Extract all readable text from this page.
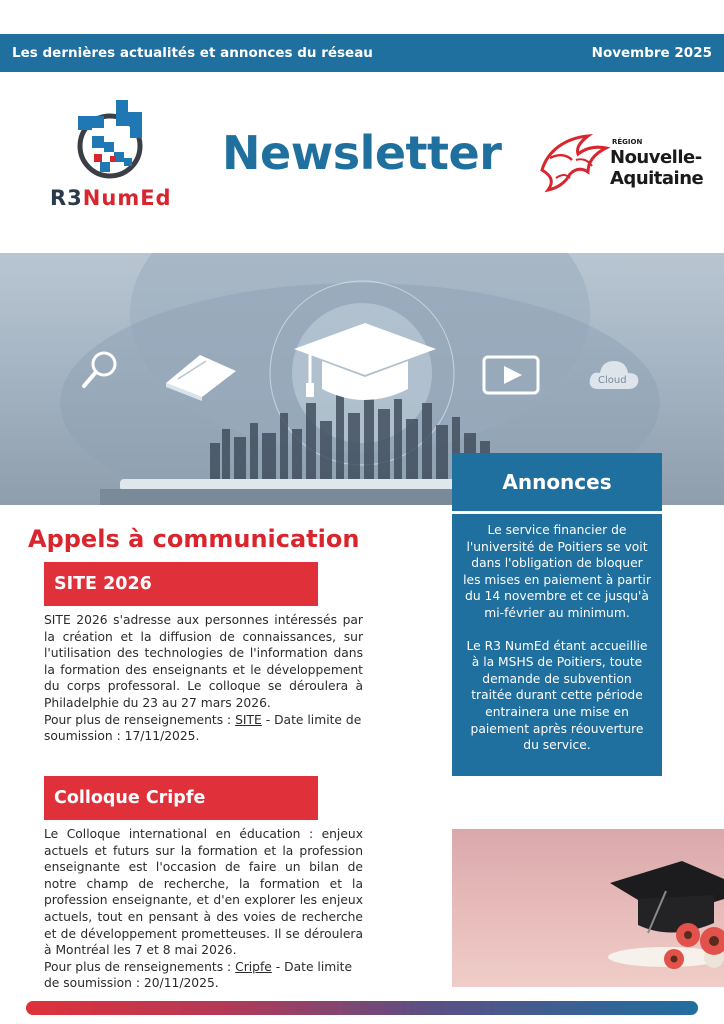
Les dernières actualités et annonces du réseau	Novembre 2025
R3NumEd
Newsletter	RÉGION
Nouvelle-
Aquitaine
Cloud
Annonces

Le service financier de l'université de Poitiers se voit dans l'obligation de bloquer les mises en paiement à partir du 14 novembre et ce jusqu'à mi-février au minimum.

Le R3 NumEd étant accueillie à la MSHS de Poitiers, toute demande de subvention traitée durant cette période entrainera une mise en paiement après réouverture du service.

Appels à communication
SITE 2026
SITE 2026 s'adresse aux personnes intéressés par la création et la diffusion de connaissances, sur l'utilisation des technologies de l'information dans la formation des enseignants et le développement du corps professoral. Le colloque se déroulera à Philadelphie du 23 au 27 mars 2026.
Pour plus de renseignements : SITE - Date limite de soumission : 17/11/2025.
Colloque Cripfe
Le Colloque international en éducation : enjeux actuels et futurs sur la formation et la profession enseignante est l'occasion de faire un bilan de notre champ de recherche, la formation et la profession enseignante, et d'en explorer les enjeux actuels, tout en pensant à des voies de recherche et de développement prometteuses. Il se déroulera à Montréal les 7 et 8 mai 2026.
Pour plus de renseignements : Cripfe - Date limite de soumission : 20/11/2025.
